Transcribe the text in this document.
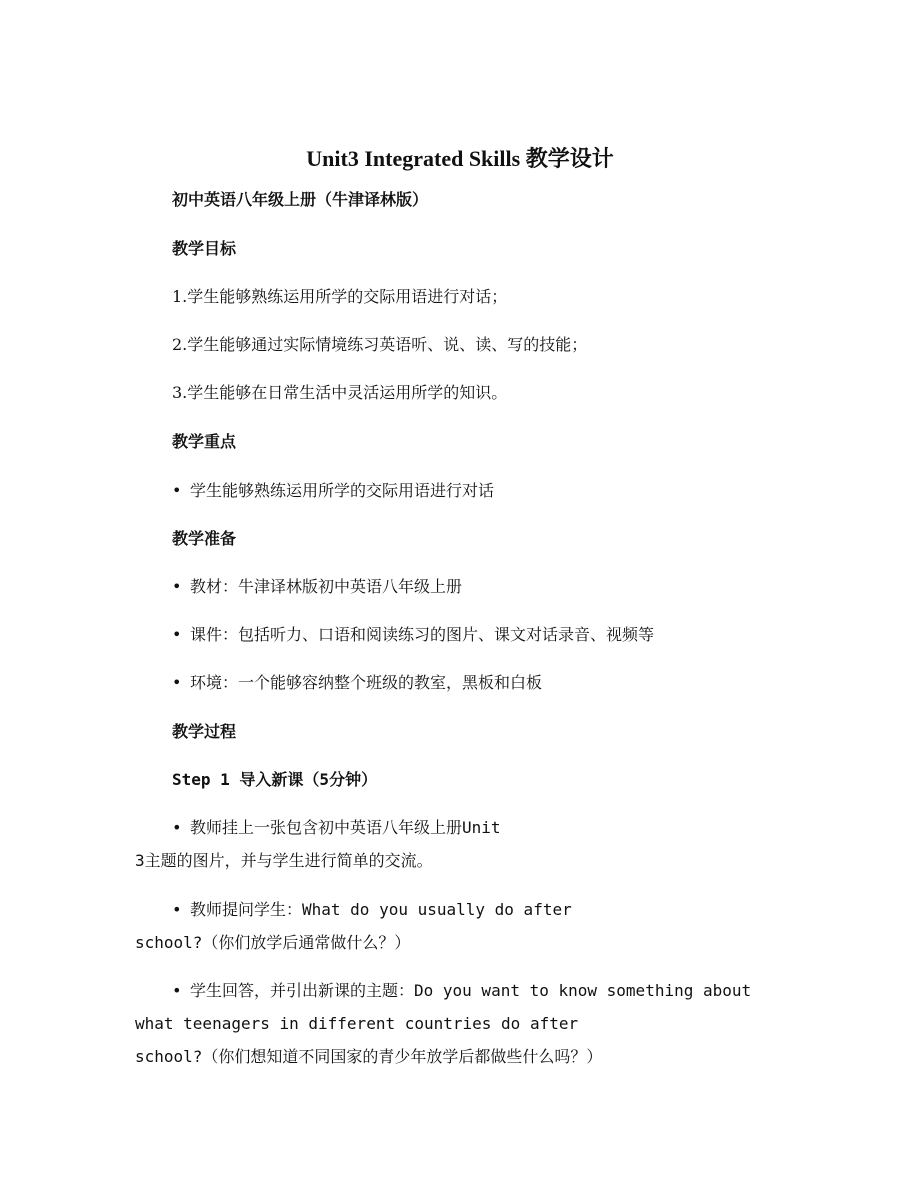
Unit3 Integrated Skills 教学设计
初中英语八年级上册（牛津译林版）
教学目标
1.学生能够熟练运用所学的交际用语进行对话；
2.学生能够通过实际情境练习英语听、说、读、写的技能；
3.学生能够在日常生活中灵活运用所学的知识。
教学重点
• 学生能够熟练运用所学的交际用语进行对话
教学准备
• 教材：牛津译林版初中英语八年级上册
• 课件：包括听力、口语和阅读练习的图片、课文对话录音、视频等
• 环境：一个能够容纳整个班级的教室，黑板和白板
教学过程
Step 1 导入新课（5分钟）
• 教师挂上一张包含初中英语八年级上册Unit
3主题的图片，并与学生进行简单的交流。
• 教师提问学生：What do you usually do after
school?（你们放学后通常做什么？）
• 学生回答，并引出新课的主题：Do you want to know something about
what teenagers in different countries do after
school?（你们想知道不同国家的青少年放学后都做些什么吗？）
